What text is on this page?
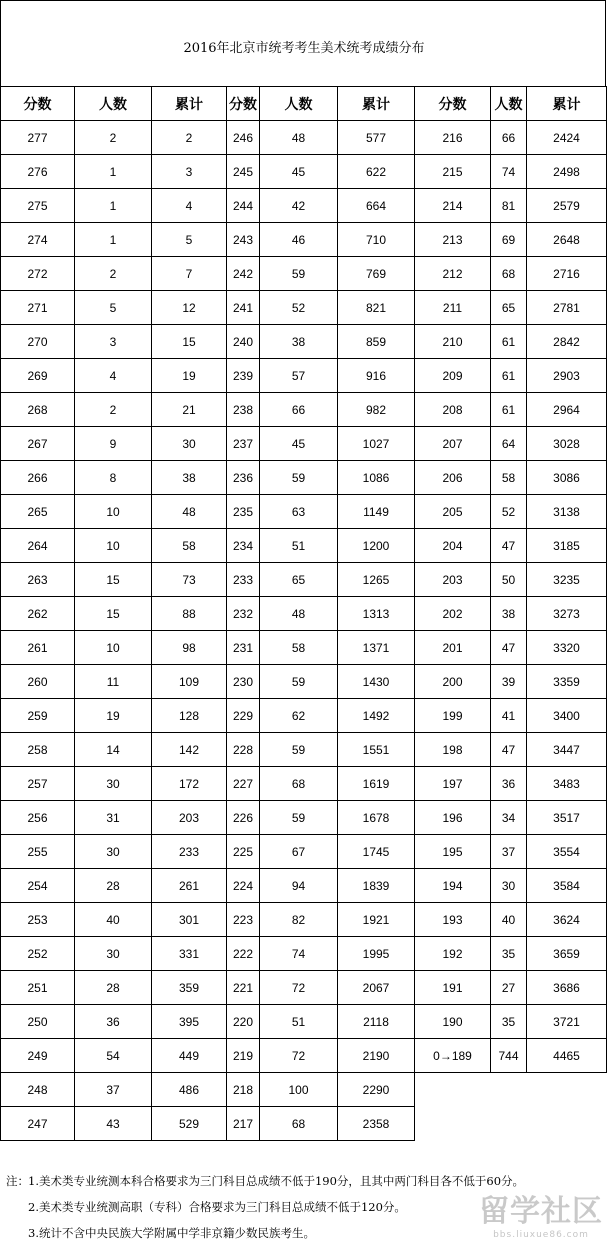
2016年北京市统考考生美术统考成绩分布
分数	人数	累计	分数	人数	累计	分数	人数	累计
277	2	2	246	48	577	216	66	2424
276	1	3	245	45	622	215	74	2498
275	1	4	244	42	664	214	81	2579
274	1	5	243	46	710	213	69	2648
272	2	7	242	59	769	212	68	2716
271	5	12	241	52	821	211	65	2781
270	3	15	240	38	859	210	61	2842
269	4	19	239	57	916	209	61	2903
268	2	21	238	66	982	208	61	2964
267	9	30	237	45	1027	207	64	3028
266	8	38	236	59	1086	206	58	3086
265	10	48	235	63	1149	205	52	3138
264	10	58	234	51	1200	204	47	3185
263	15	73	233	65	1265	203	50	3235
262	15	88	232	48	1313	202	38	3273
261	10	98	231	58	1371	201	47	3320
260	11	109	230	59	1430	200	39	3359
259	19	128	229	62	1492	199	41	3400
258	14	142	228	59	1551	198	47	3447
257	30	172	227	68	1619	197	36	3483
256	31	203	226	59	1678	196	34	3517
255	30	233	225	67	1745	195	37	3554
254	28	261	224	94	1839	194	30	3584
253	40	301	223	82	1921	193	40	3624
252	30	331	222	74	1995	192	35	3659
251	28	359	221	72	2067	191	27	3686
250	36	395	220	51	2118	190	35	3721
249	54	449	219	72	2190	0→189	744	4465
248	37	486	218	100	2290			
247	43	529	217	68	2358			
注：1.美术类专业统测本科合格要求为三门科目总成绩不低于190分，且其中两门科目各不低于60分。
2.美术类专业统测高职（专科）合格要求为三门科目总成绩不低于120分。
3.统计不含中央民族大学附属中学非京籍少数民族考生。
留学社区
bbs.liuxue86.com
